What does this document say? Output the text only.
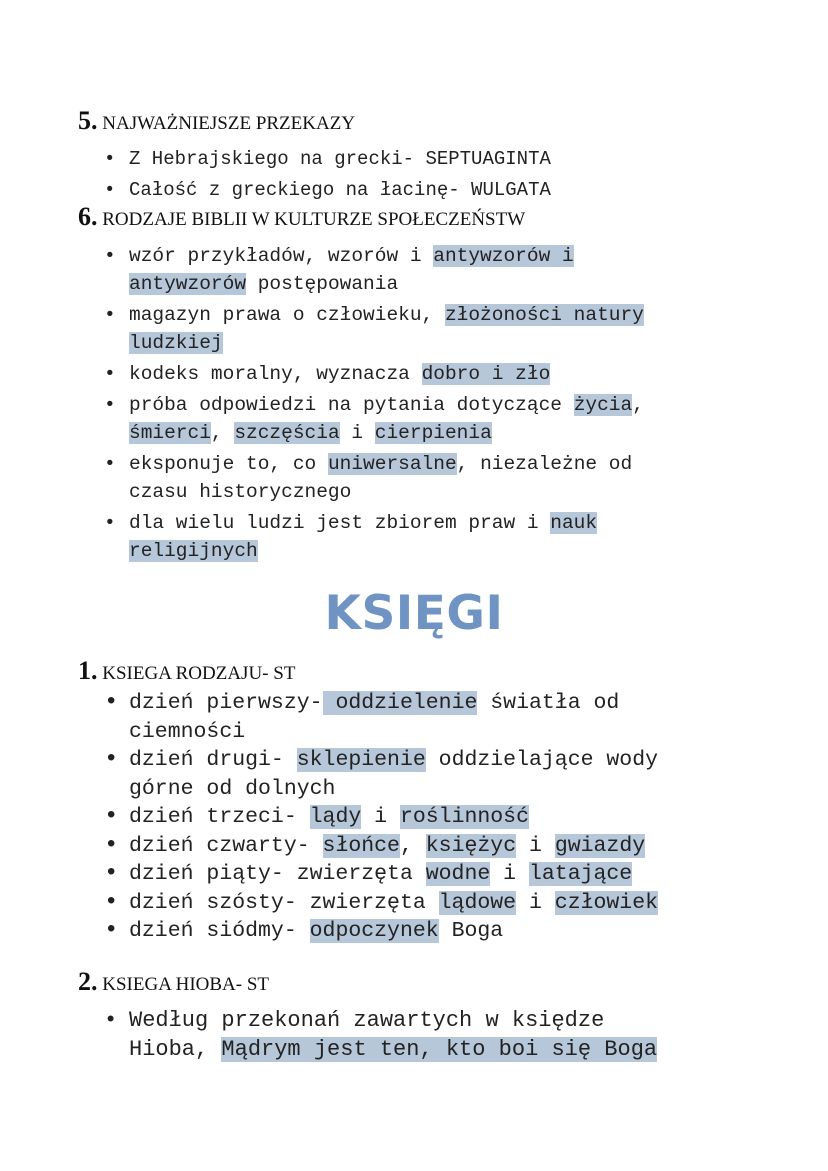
5. NAJWAŻNIEJSZE PRZEKAZY
• Z Hebrajskiego na grecki- SEPTUAGINTA
• Całość z greckiego na łacinę- WULGATA
6. RODZAJE BIBLII W KULTURZE SPOŁECZEŃSTW
• wzór przykładów, wzorów i antywzorów i
antywzorów postępowania
• magazyn prawa o człowieku, złożoności natury
ludzkiej
• kodeks moralny, wyznacza dobro i zło
• próba odpowiedzi na pytania dotyczące życia,
śmierci, szczęścia i cierpienia
• eksponuje to, co uniwersalne, niezależne od
czasu historycznego
• dla wielu ludzi jest zbiorem praw i nauk
religijnych
KSIĘGI
1. KSIEGA RODZAJU- ST
• dzień pierwszy- oddzielenie światła od
ciemności
• dzień drugi- sklepienie oddzielające wody
górne od dolnych
• dzień trzeci- lądy i roślinność
• dzień czwarty- słońce, księżyc i gwiazdy
• dzień piąty- zwierzęta wodne i latające
• dzień szósty- zwierzęta lądowe i człowiek
• dzień siódmy- odpoczynek Boga
2. KSIEGA HIOBA- ST
• Według przekonań zawartych w księdze
Hioba, Mądrym jest ten, kto boi się Boga
